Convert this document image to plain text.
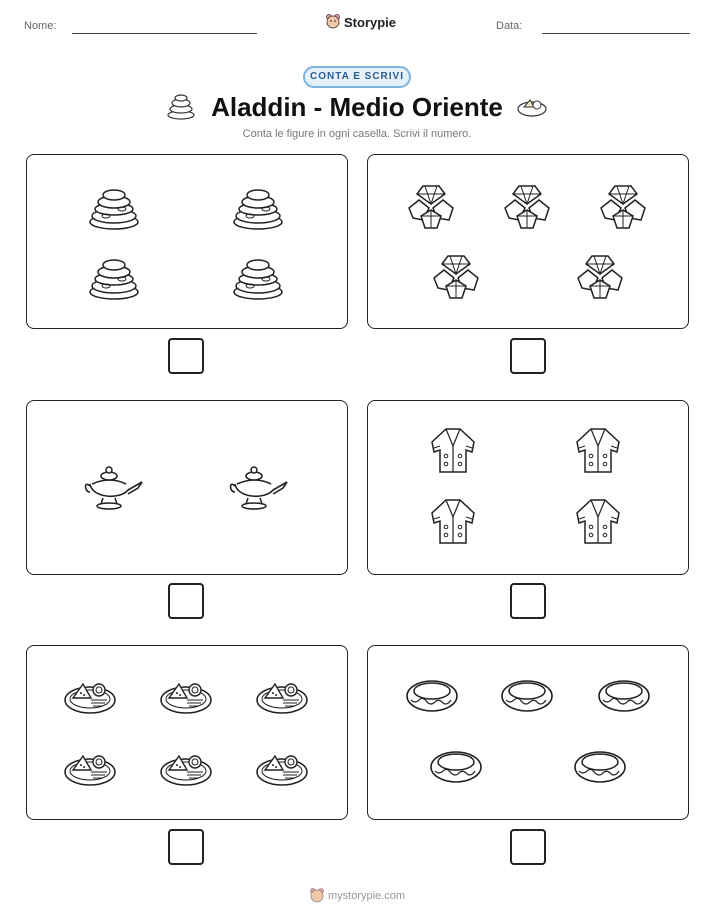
Nome:	Storypie	Data:
CONTA E SCRIVI
Aladdin - Medio Oriente
Conta le figure in ogni casella. Scrivi il numero.
mystorypie.com
